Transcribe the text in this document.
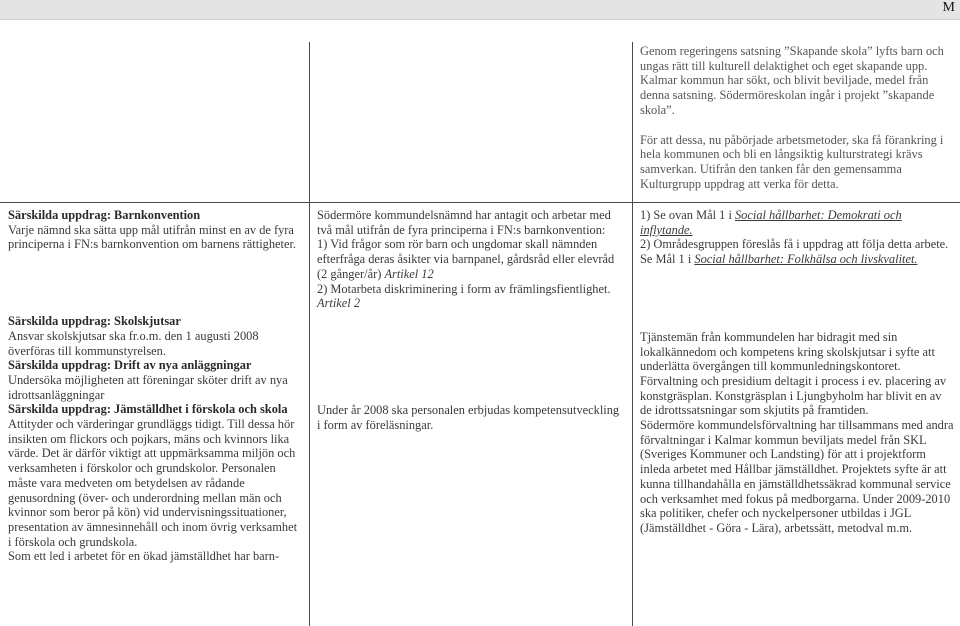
M

Genom regeringens satsning ”Skapande skola” lyfts barn och ungas rätt till kulturell delaktighet och eget skapande upp. Kalmar kommun har sökt, och blivit beviljade, medel från denna satsning. Södermöreskolan ingår i projekt ”skapande skola”.

För att dessa, nu påbörjade arbetsmetoder, ska få förankring i hela kommunen och bli en långsiktig kulturstrategi krävs samverkan. Utifrån den tanken får den gemensamma Kulturgrupp uppdrag att verka för detta.

Särskilda uppdrag: Barnkonvention

Varje nämnd ska sätta upp mål utifrån minst en av de fyra principerna i FN:s barnkonvention om barnens rättigheter.

Särskilda uppdrag: Skolskjutsar

Ansvar skolskjutsar ska fr.o.m. den 1 augusti 2008 överföras till kommunstyrelsen.

Särskilda uppdrag: Drift av nya anläggningar

Undersöka möjligheten att föreningar sköter drift av nya idrottsanläggningar

Särskilda uppdrag: Jämställdhet i förskola och skola

Attityder och värderingar grundläggs tidigt. Till dessa hör insikten om flickors och pojkars, mäns och kvinnors lika värde. Det är därför viktigt att uppmärksamma miljön och verksamheten i förskolor och grundskolor. Personalen måste vara medveten om betydelsen av rådande genusordning (över- och underordning mellan män och kvinnor som beror på kön) vid undervisningssituationer, presentation av ämnesinnehåll och inom övrig verksamhet i förskola och grundskola.

Som ett led i arbetet för en ökad jämställdhet har barn-

Södermöre kommundelsnämnd har antagit och arbetar med två mål utifrån de fyra principerna i FN:s barnkonvention:

1) Vid frågor som rör barn och ungdomar skall nämnden efterfråga deras åsikter via barnpanel, gårdsråd eller elevråd (2 gånger/år) Artikel 12

2) Motarbeta diskriminering i form av främlingsfientlighet. Artikel 2

Under år 2008 ska personalen erbjudas kompetensutveckling i form av föreläsningar.

1) Se ovan Mål 1 i Social hållbarhet: Demokrati och inflytande.

2) Områdesgruppen föreslås få i uppdrag att följa detta arbete. Se Mål 1 i Social hållbarhet: Folkhälsa och livskvalitet.

Tjänstemän från kommundelen har bidragit med sin lokalkännedom och kompetens kring skolskjutsar i syfte att underlätta övergången till kommunledningskontoret.

Förvaltning och presidium deltagit i process i ev. placering av konstgräsplan. Konstgräsplan i Ljungbyholm har blivit en av de idrottssatsningar som skjutits på framtiden.

Södermöre kommundelsförvaltning har tillsammans med andra förvaltningar i Kalmar kommun beviljats medel från SKL (Sveriges Kommuner och Landsting) för att i projektform inleda arbetet med Hållbar jämställdhet. Projektets syfte är att kunna tillhandahålla en jämställdhetssäkrad kommunal service och verksamhet med fokus på medborgarna. Under 2009-2010 ska politiker, chefer och nyckelpersoner utbildas i JGL (Jämställdhet - Göra - Lära), arbetssätt, metodval m.m.
